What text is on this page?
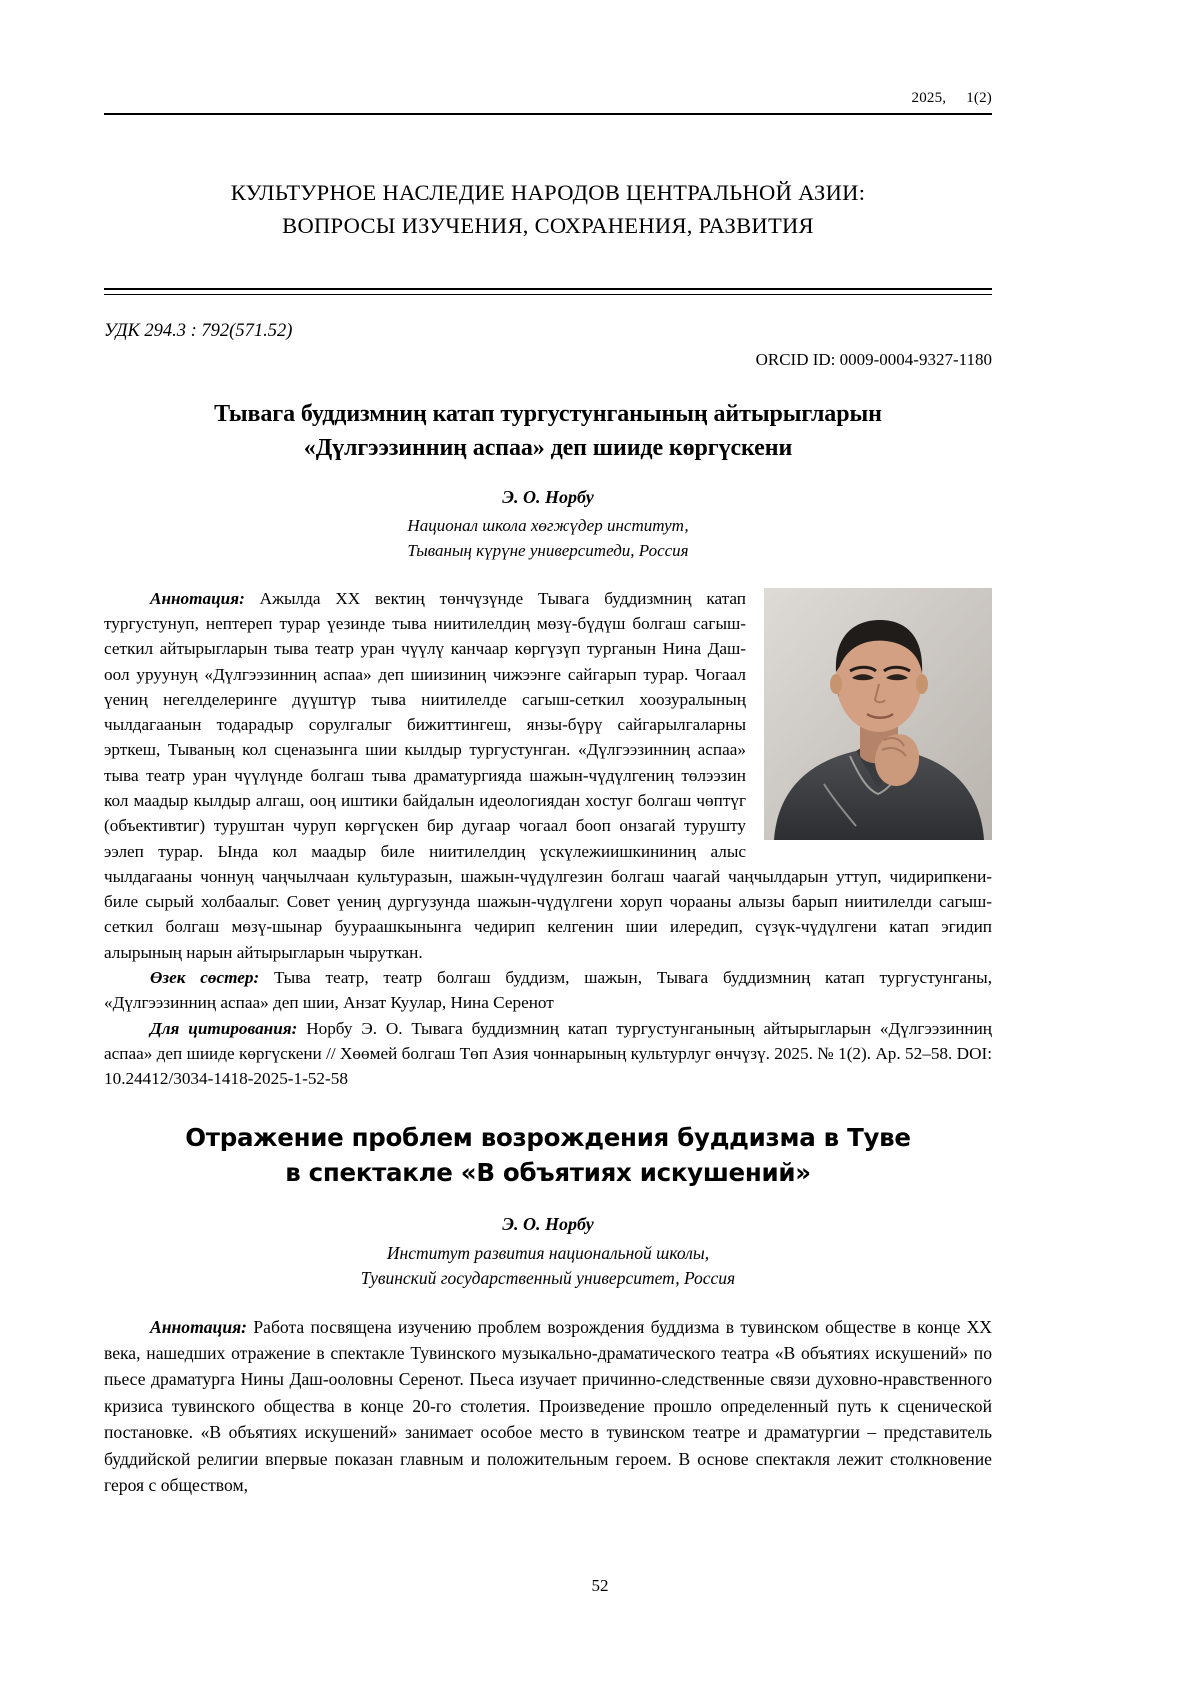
2025, 1(2)
КУЛЬТУРНОЕ НАСЛЕДИЕ НАРОДОВ ЦЕНТРАЛЬНОЙ АЗИИ:
ВОПРОСЫ ИЗУЧЕНИЯ, СОХРАНЕНИЯ, РАЗВИТИЯ
УДК 294.3 : 792(571.52)
ORCID ID: 0009-0004-9327-1180
Тывага буддизмниң катап тургустунганының айтырыгларын
«Дүлгээзинниң аспаа» деп шииде көргүскени
Э. О. Норбу
Национал школа хөгжүдер институт,
Тываның күрүне университеди, Россия

Аннотация: Ажылда ХХ вектиң төнчүзүнде Тывага буддизмниң катап тургустунуп, нептереп турар үезинде тыва ниитилелдиң мөзү-бүдүш болгаш сагыш-сеткил айтырыгларын тыва театр уран чүүлү канчаар көргүзүп турганын Нина Даш-оол уруунуң «Дүлгээзинниң аспаа» деп шиизиниң чижээнге сайгарып турар. Чогаал үениң негелделеринге дүүштүр тыва ниитилелде сагыш-сеткил хоозуралының чылдагаанын тодарадыр сорулгалыг бижиттингеш, янзы-бүрү сайгарылгаларны эрткеш, Тываның кол сценазынга шии кылдыр тургустунган. «Дүлгээзинниң аспаа» тыва театр уран чүүлүнде болгаш тыва драматургияда шажын-чүдүлгениң төлээзин кол маадыр кылдыр алгаш, ооң иштики байдалын идеологиядан хостуг болгаш чөптүг (объективтиг) туруштан чуруп көргүскен бир дугаар чогаал бооп онзагай турушту ээлеп турар. Ында кол маадыр биле ниитилелдиң үскүлежиишкининиң алыс чылдагааны чоннуң чаңчылчаан культуразын, шажын-чүдүлгезин болгаш чаагай чаңчылдарын уттуп, чидирипкени-биле сырый холбаалыг. Совет үениң дургузунда шажын-чүдүлгени хоруп чорааны алызы барып ниитилелди сагыш-сеткил болгаш мөзү-шынар буураашкынынга чедирип келгенин шии илередип, сүзүк-чүдүлгени катап эгидип алырының нарын айтырыгларын чыруткан.

Өзек сөстер: Тыва театр, театр болгаш буддизм, шажын, Тывага буддизмниң катап тургустунганы, «Дүлгээзинниң аспаа» деп шии, Анзат Куулар, Нина Серенот

Для цитирования: Норбу Э. О. Тывага буддизмниң катап тургустунганының айтырыгларын «Дүлгээзинниң аспаа» деп шииде көргүскени // Хөөмей болгаш Төп Азия чоннарының культурлуг өнчүзү. 2025. № 1(2). Ар. 52–58. DOI: 10.24412/3034-1418-2025-1-52-58

Отражение проблем возрождения буддизма в Туве
в спектакле «В объятиях искушений»
Э. О. Норбу
Институт развития национальной школы,
Тувинский государственный университет, Россия

Аннотация: Работа посвящена изучению проблем возрождения буддизма в тувинском обществе в конце XX века, нашедших отражение в спектакле Тувинского музыкально-драматического театра «В объятиях искушений» по пьесе драматурга Нины Даш-ооловны Серенот. Пьеса изучает причинно-следственные связи духовно-нравственного кризиса тувинского общества в конце 20-го столетия. Произведение прошло определенный путь к сценической постановке. «В объятиях искушений» занимает особое место в тувинском театре и драматургии – представитель буддийской религии впервые показан главным и положительным героем. В основе спектакля лежит столкновение героя с обществом,

52
